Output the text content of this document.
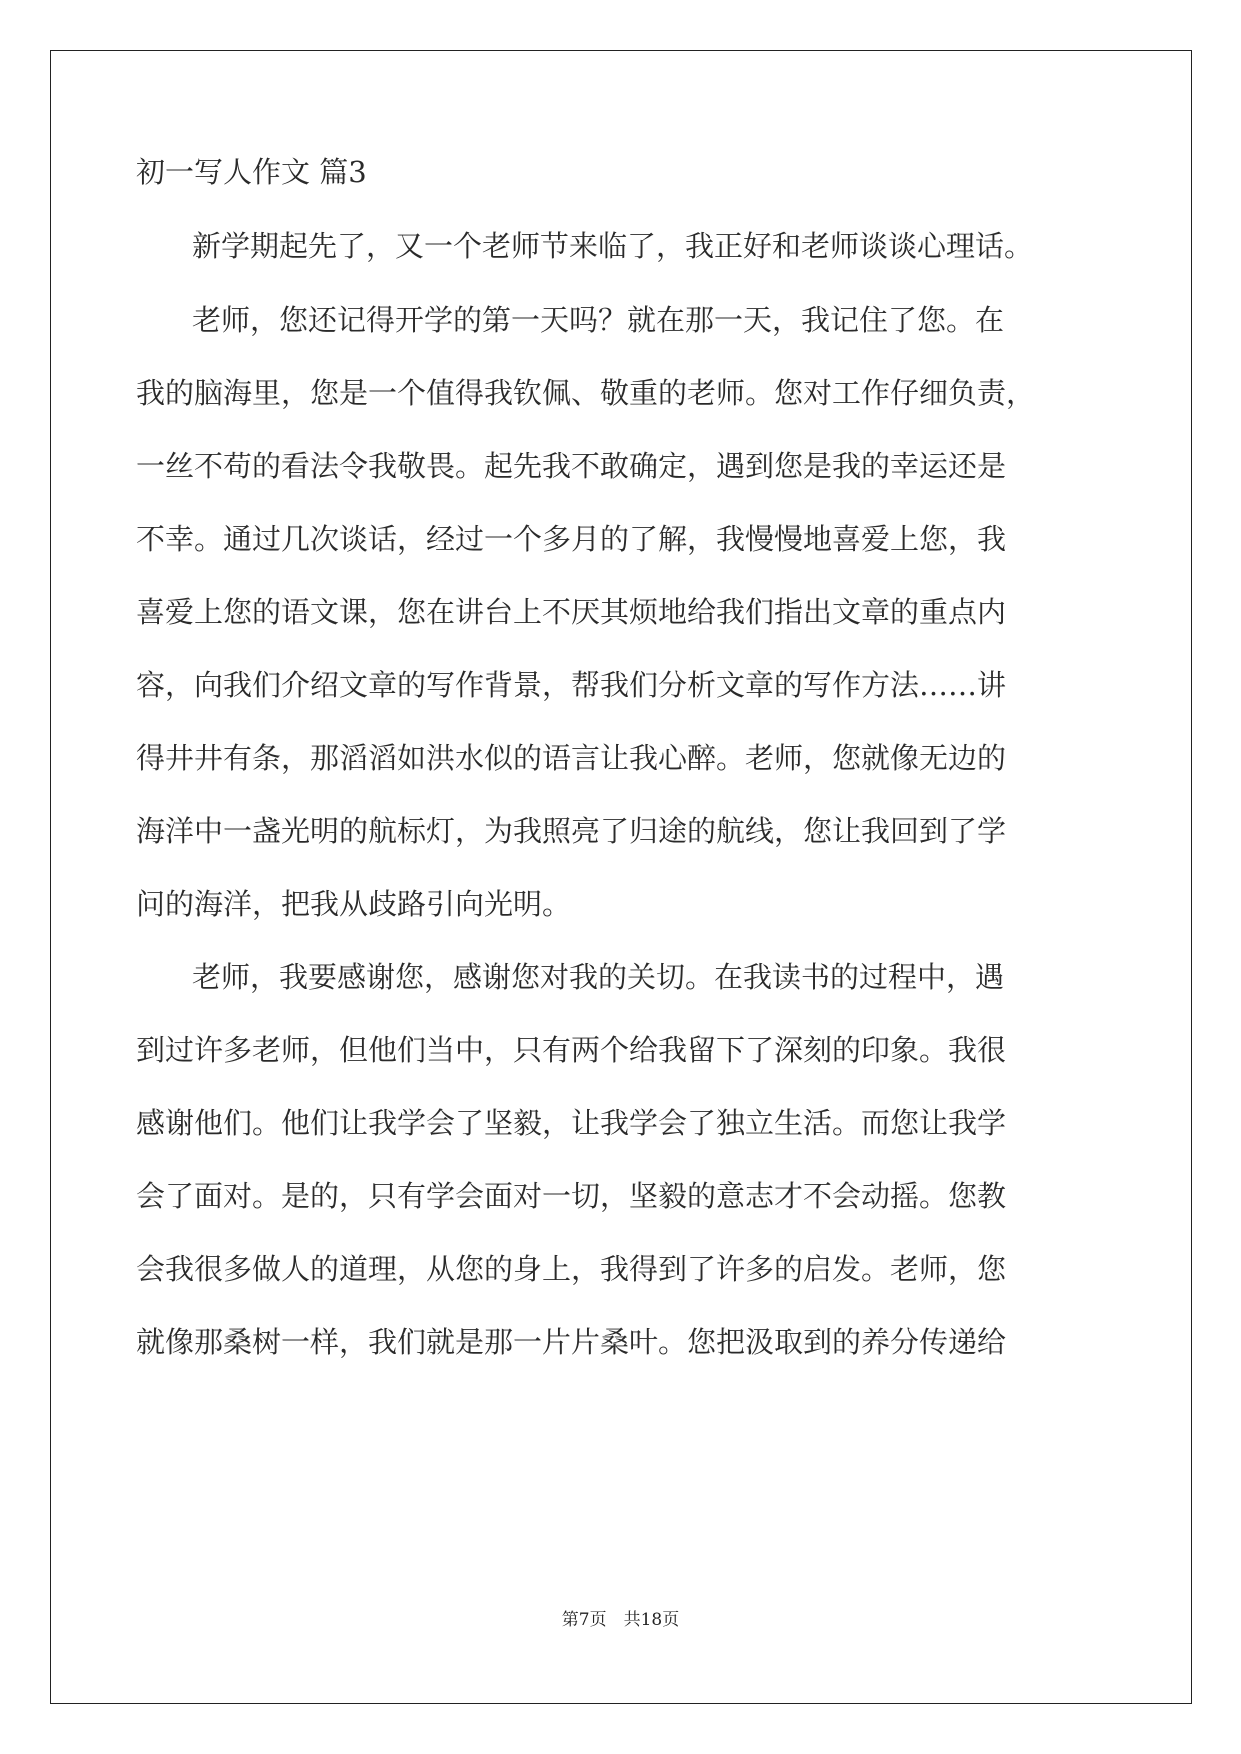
初一写人作文 篇3
新学期起先了，又一个老师节来临了，我正好和老师谈谈心理话。
老师，您还记得开学的第一天吗？就在那一天，我记住了您。在
我的脑海里，您是一个值得我钦佩、敬重的老师。您对工作仔细负责，
一丝不苟的看法令我敬畏。起先我不敢确定，遇到您是我的幸运还是
不幸。通过几次谈话，经过一个多月的了解，我慢慢地喜爱上您，我
喜爱上您的语文课，您在讲台上不厌其烦地给我们指出文章的重点内
容，向我们介绍文章的写作背景，帮我们分析文章的写作方法……讲
得井井有条，那滔滔如洪水似的语言让我心醉。老师，您就像无边的
海洋中一盏光明的航标灯，为我照亮了归途的航线，您让我回到了学
问的海洋，把我从歧路引向光明。
老师，我要感谢您，感谢您对我的关切。在我读书的过程中，遇
到过许多老师，但他们当中，只有两个给我留下了深刻的印象。我很
感谢他们。他们让我学会了坚毅，让我学会了独立生活。而您让我学
会了面对。是的，只有学会面对一切，坚毅的意志才不会动摇。您教
会我很多做人的道理，从您的身上，我得到了许多的启发。老师，您
就像那桑树一样，我们就是那一片片桑叶。您把汲取到的养分传递给
第7页　共18页
